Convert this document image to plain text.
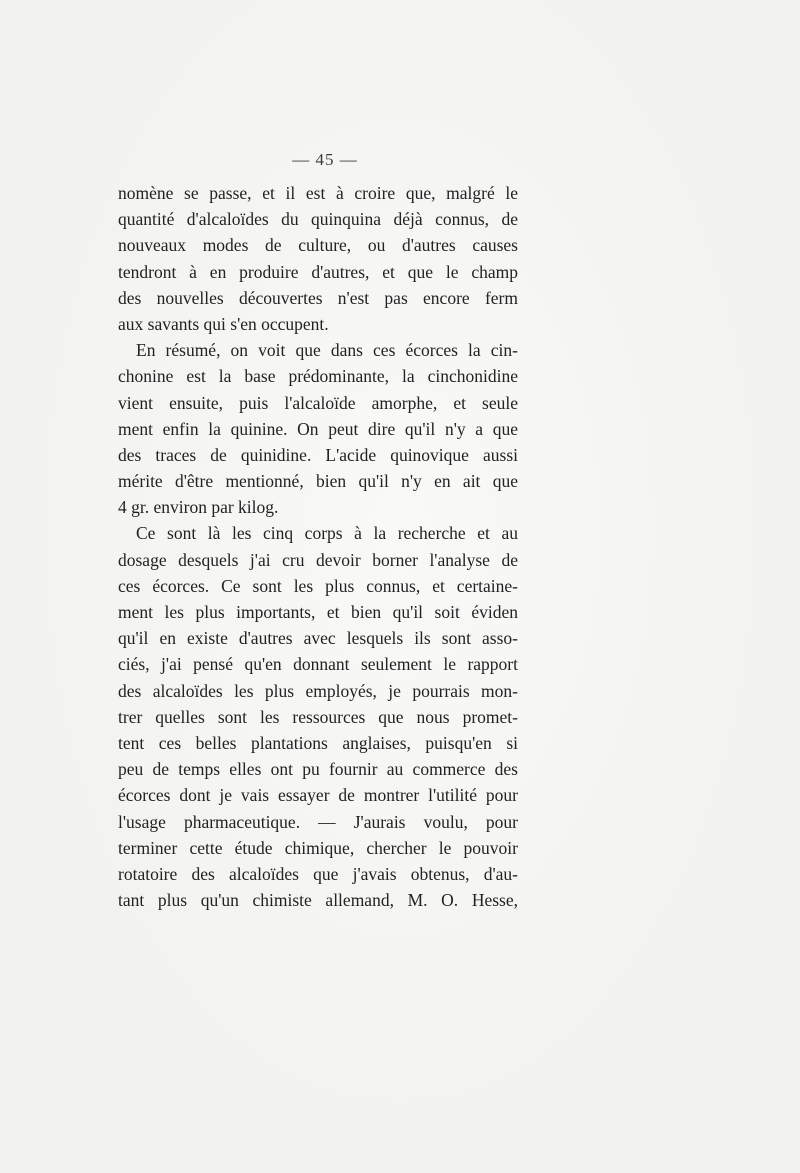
— 45 —
nomène se passe, et il est à croire que, malgré le
quantité d'alcaloïdes du quinquina déjà connus, de
nouveaux modes de culture, ou d'autres causes
tendront à en produire d'autres, et que le champ
des nouvelles découvertes n'est pas encore ferm
aux savants qui s'en occupent.
En résumé, on voit que dans ces écorces la cin-
chonine est la base prédominante, la cinchonidine
vient ensuite, puis l'alcaloïde amorphe, et seule
ment enfin la quinine. On peut dire qu'il n'y a que
des traces de quinidine. L'acide quinovique aussi
mérite d'être mentionné, bien qu'il n'y en ait que
4 gr. environ par kilog.
Ce sont là les cinq corps à la recherche et au
dosage desquels j'ai cru devoir borner l'analyse de
ces écorces. Ce sont les plus connus, et certaine-
ment les plus importants, et bien qu'il soit éviden
qu'il en existe d'autres avec lesquels ils sont asso-
ciés, j'ai pensé qu'en donnant seulement le rapport
des alcaloïdes les plus employés, je pourrais mon-
trer quelles sont les ressources que nous promet-
tent ces belles plantations anglaises, puisqu'en si
peu de temps elles ont pu fournir au commerce des
écorces dont je vais essayer de montrer l'utilité pour
l'usage pharmaceutique. — J'aurais voulu, pour
terminer cette étude chimique, chercher le pouvoir
rotatoire des alcaloïdes que j'avais obtenus, d'au-
tant plus qu'un chimiste allemand, M. O. Hesse,
